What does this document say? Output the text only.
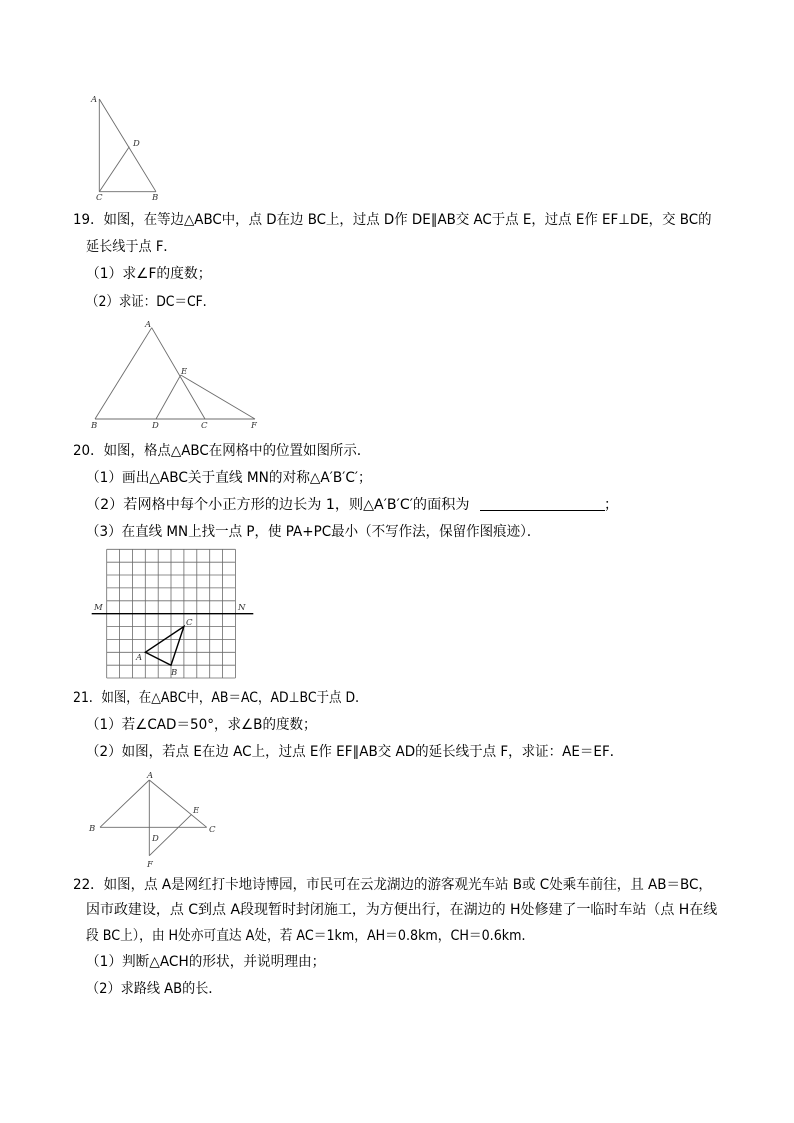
A
D
C	B
19．如图，在等边△ABC中，点 D在边 BC上，过点 D作 DE∥AB交 AC于点 E，过点 E作 EF⊥DE，交 BC的
延长线于点 F．
（1）求∠F的度数；
（2）求证：DC＝CF．
A
E
B	D	C	F
20．如图，格点△ABC在网格中的位置如图所示．
（1）画出△ABC关于直线 MN的对称△A′B′C′；
（2）若网格中每个小正方形的边长为 1，则△A′B′C′的面积为	；
（3）在直线 MN上找一点 P，使 PA+PC最小（不写作法，保留作图痕迹）．
M	N
A
B
C
21．如图，在△ABC中，AB＝AC，AD⊥BC于点 D．
（1）若∠CAD＝50°，求∠B的度数；
（2）如图，若点 E在边 AC上，过点 E作 EF∥AB交 AD的延长线于点 F，求证：AE＝EF．
A
B	C
D
E
F
22．如图，点 A是网红打卡地诗博园，市民可在云龙湖边的游客观光车站 B或 C处乘车前往，且 AB＝BC，
因市政建设，点 C到点 A段现暂时封闭施工，为方便出行，在湖边的 H处修建了一临时车站（点 H在线
段 BC上），由 H处亦可直达 A处，若 AC＝1km，AH＝0.8km，CH＝0.6km．
（1）判断△ACH的形状，并说明理由；
（2）求路线 AB的长．
